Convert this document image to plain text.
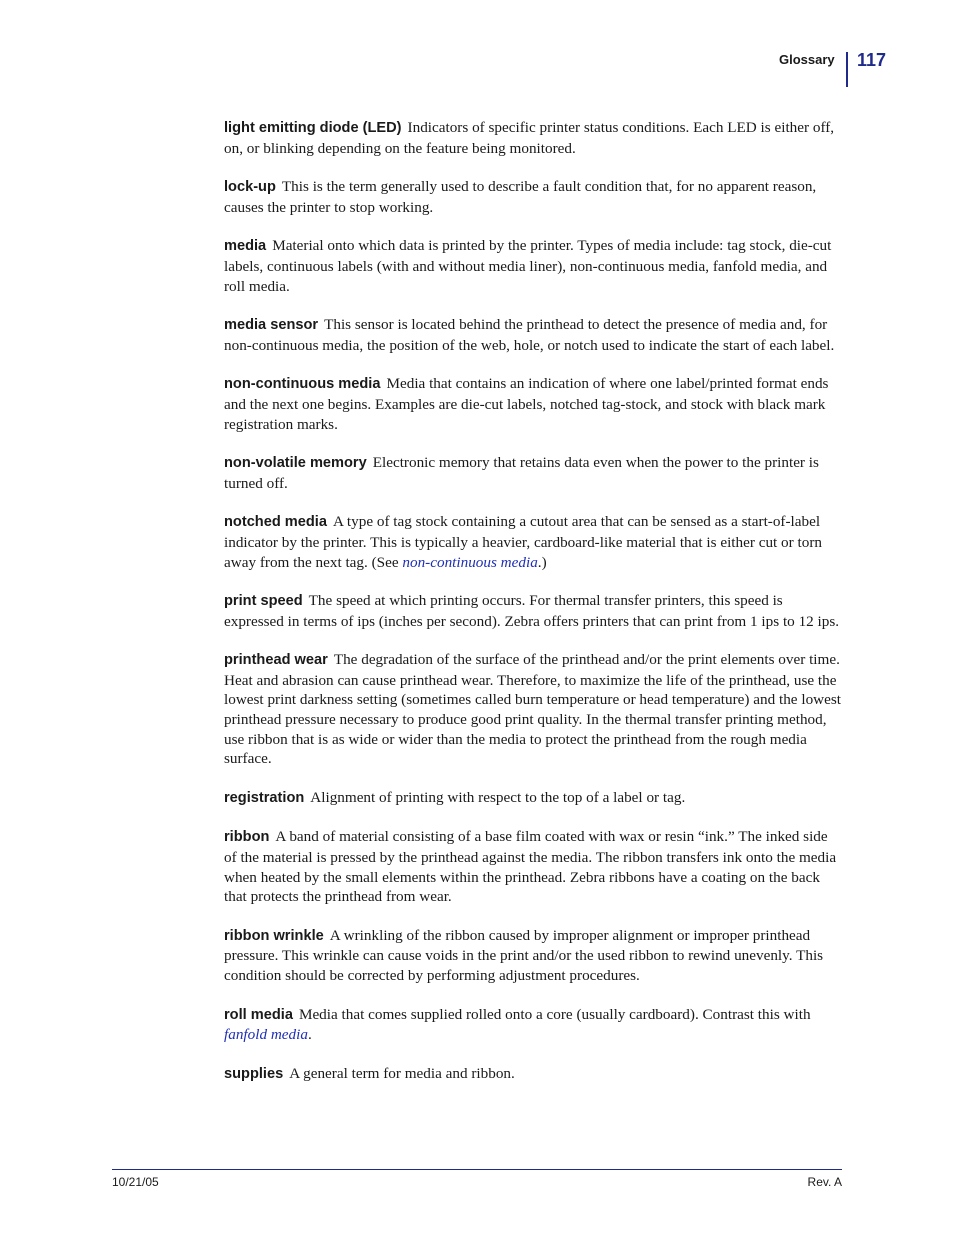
Glossary 117

light emitting diode (LED) Indicators of specific printer status conditions. Each LED is either off, on, or blinking depending on the feature being monitored.

lock-up This is the term generally used to describe a fault condition that, for no apparent reason, causes the printer to stop working.

media Material onto which data is printed by the printer. Types of media include: tag stock, die-cut labels, continuous labels (with and without media liner), non-continuous media, fanfold media, and roll media.

media sensor This sensor is located behind the printhead to detect the presence of media and, for non-continuous media, the position of the web, hole, or notch used to indicate the start of each label.

non-continuous media Media that contains an indication of where one label/printed format ends and the next one begins. Examples are die-cut labels, notched tag-stock, and stock with black mark registration marks.

non-volatile memory Electronic memory that retains data even when the power to the printer is turned off.

notched media A type of tag stock containing a cutout area that can be sensed as a start-of-label indicator by the printer. This is typically a heavier, cardboard-like material that is either cut or torn away from the next tag. (See non-continuous media.)

print speed The speed at which printing occurs. For thermal transfer printers, this speed is expressed in terms of ips (inches per second). Zebra offers printers that can print from 1 ips to 12 ips.

printhead wear The degradation of the surface of the printhead and/or the print elements over time. Heat and abrasion can cause printhead wear. Therefore, to maximize the life of the printhead, use the lowest print darkness setting (sometimes called burn temperature or head temperature) and the lowest printhead pressure necessary to produce good print quality. In the thermal transfer printing method, use ribbon that is as wide or wider than the media to protect the printhead from the rough media surface.

registration Alignment of printing with respect to the top of a label or tag.

ribbon A band of material consisting of a base film coated with wax or resin “ink.” The inked side of the material is pressed by the printhead against the media. The ribbon transfers ink onto the media when heated by the small elements within the printhead. Zebra ribbons have a coating on the back that protects the printhead from wear.

ribbon wrinkle A wrinkling of the ribbon caused by improper alignment or improper printhead pressure. This wrinkle can cause voids in the print and/or the used ribbon to rewind unevenly. This condition should be corrected by performing adjustment procedures.

roll media Media that comes supplied rolled onto a core (usually cardboard). Contrast this with fanfold media.

supplies A general term for media and ribbon.

10/21/05	Rev. A
